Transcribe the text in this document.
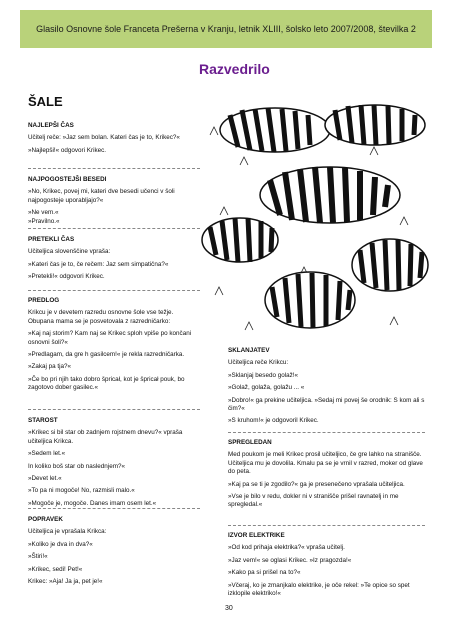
Glasilo Osnovne šole Franceta Prešerna v Kranju, letnik XLIII, šolsko leto 2007/2008, številka 2
Razvedrilo
ŠALE
NAJLEPŠI ČAS

Učitelj reče: »Jaz sem bolan. Kateri čas je to, Krikec?«

»Najlepši!« odgovori Krikec.

NAJPOGOSTEJŠI BESEDI

»No, Krikec, povej mi, kateri dve besedi učenci v šoli najpogosteje uporabljajo?«

»Ne vem.«

»Pravilno.«

PRETEKLI ČAS

Učiteljica slovenščine vpraša:

»Kateri čas je to, če rečem: Jaz sem simpatična?«

»Pretekli!« odgovori Krikec.

PREDLOG

Krikcu je v devetem razredu osnovne šole vse težje. Obupana mama se je posvetovala z razredničarko:

»Kaj naj storim? Kam naj se Krikec sploh vpiše po končani osnovni šoli?«

»Predlagam, da gre h gasilcem!« je rekla razredničarka.

»Zakaj pa tja?«

»Če bo pri njih tako dobro špricał, kot je špricał pouk, bo zagotovo dober gasilec.«

STAROST

»Krikec si bil star ob zadnjem rojstnem dnevu?« vpraša učiteljica Krikca.

»Sedem let.«

In koliko boš star ob naslednjem?«

»Devet let.«

»To pa ni mogoče! No, razmisli malo.«

»Mogoče je, mogoče. Danes imam osem let.«

POPRAVEK

Učiteljica je vprašala Krikca:

»Koliko je dva in dva?«

»Štiri!«

»Krikec, sedi! Pet!«

Krikec: »Aja! Ja ja, pet je!«

SKLANJATEV

Učiteljica reče Krikcu:

»Sklanjaj besedo golaž!«

»Golaž, golaža, golažu ... «

»Dobro!« ga prekine učiteljica. »Sedaj mi povej še orodnik: S kom ali s čim?«

»S kruhom!« je odgovoril Krikec.

SPREGLEDAN

Med poukom je meli Krikec prosil učiteljico, če gre lahko na stranišče. Učiteljica mu je dovolila. Kmalu pa se je vrnil v razred, moker od glave do peta.

»Kaj pa se ti je zgodilo?« ga je presenečeno vprašala učiteljica.

»Vse je bilo v redu, dokler ni v stranišče prišel ravnatelj in me spregledal.«

IZVOR ELEKTRIKE

»Od kod prihaja elektrika?« vpraša učitelj.

»Jaz vem!« se oglasi Krikec. »Iz pragozda!«

»Kako pa si prišel na to?«

»Včeraj, ko je zmanjkalo elektrike, je oče rekel: »Te opice so spet izklopile elektriko!«

30
